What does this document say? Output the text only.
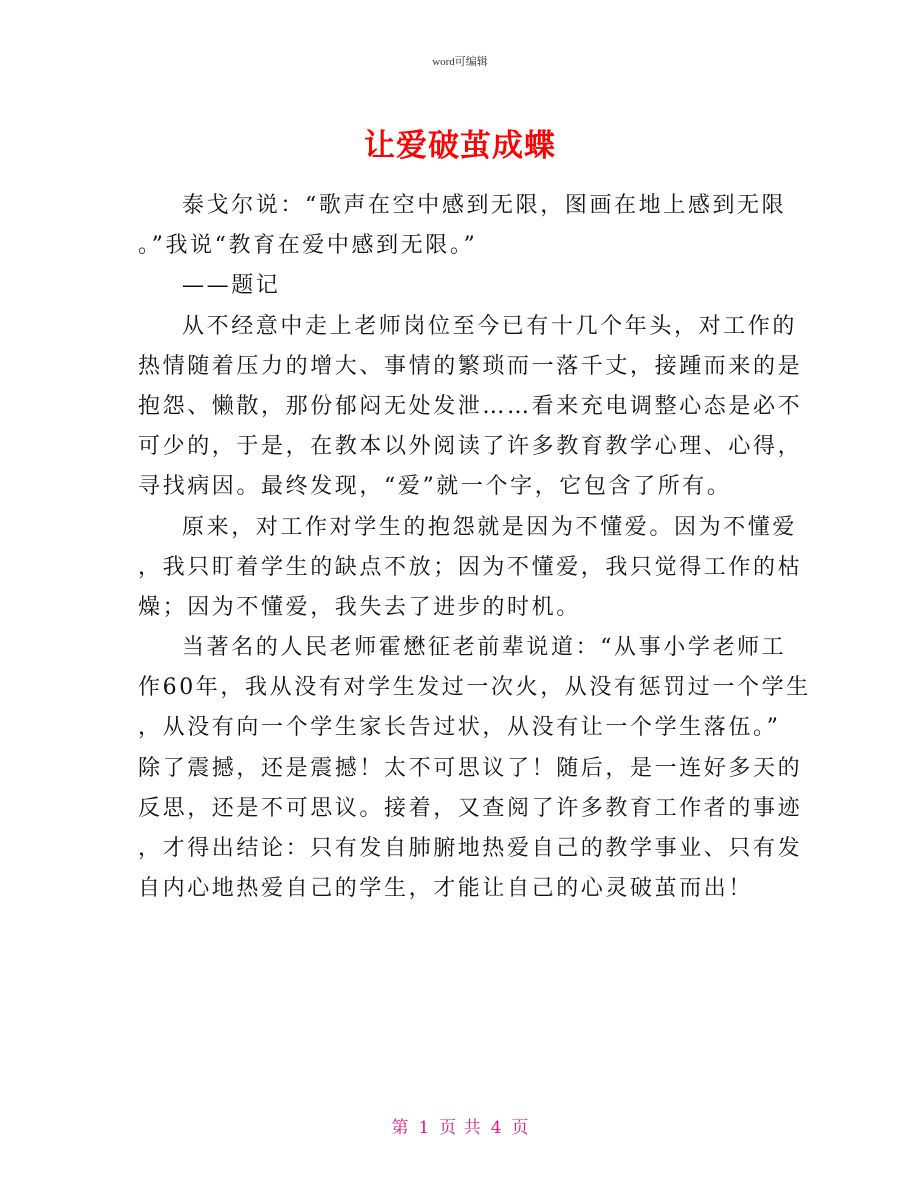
word可编辑
让爱破茧成蝶
泰戈尔说：“歌声在空中感到无限，图画在地上感到无限
。”我说“教育在爱中感到无限。”
——题记
从不经意中走上老师岗位至今已有十几个年头，对工作的
热情随着压力的增大、事情的繁琐而一落千丈，接踵而来的是
抱怨、懒散，那份郁闷无处发泄……看来充电调整心态是必不
可少的，于是，在教本以外阅读了许多教育教学心理、心得，
寻找病因。最终发现，“爱”就一个字，它包含了所有。
原来，对工作对学生的抱怨就是因为不懂爱。因为不懂爱
，我只盯着学生的缺点不放；因为不懂爱，我只觉得工作的枯
燥；因为不懂爱，我失去了进步的时机。
当著名的人民老师霍懋征老前辈说道：“从事小学老师工
作60年，我从没有对学生发过一次火，从没有惩罚过一个学生
，从没有向一个学生家长告过状，从没有让一个学生落伍。”
除了震撼，还是震撼！太不可思议了！随后，是一连好多天的
反思，还是不可思议。接着，又查阅了许多教育工作者的事迹
，才得出结论：只有发自肺腑地热爱自己的教学事业、只有发
自内心地热爱自己的学生，才能让自己的心灵破茧而出！
第 1 页 共 4 页
